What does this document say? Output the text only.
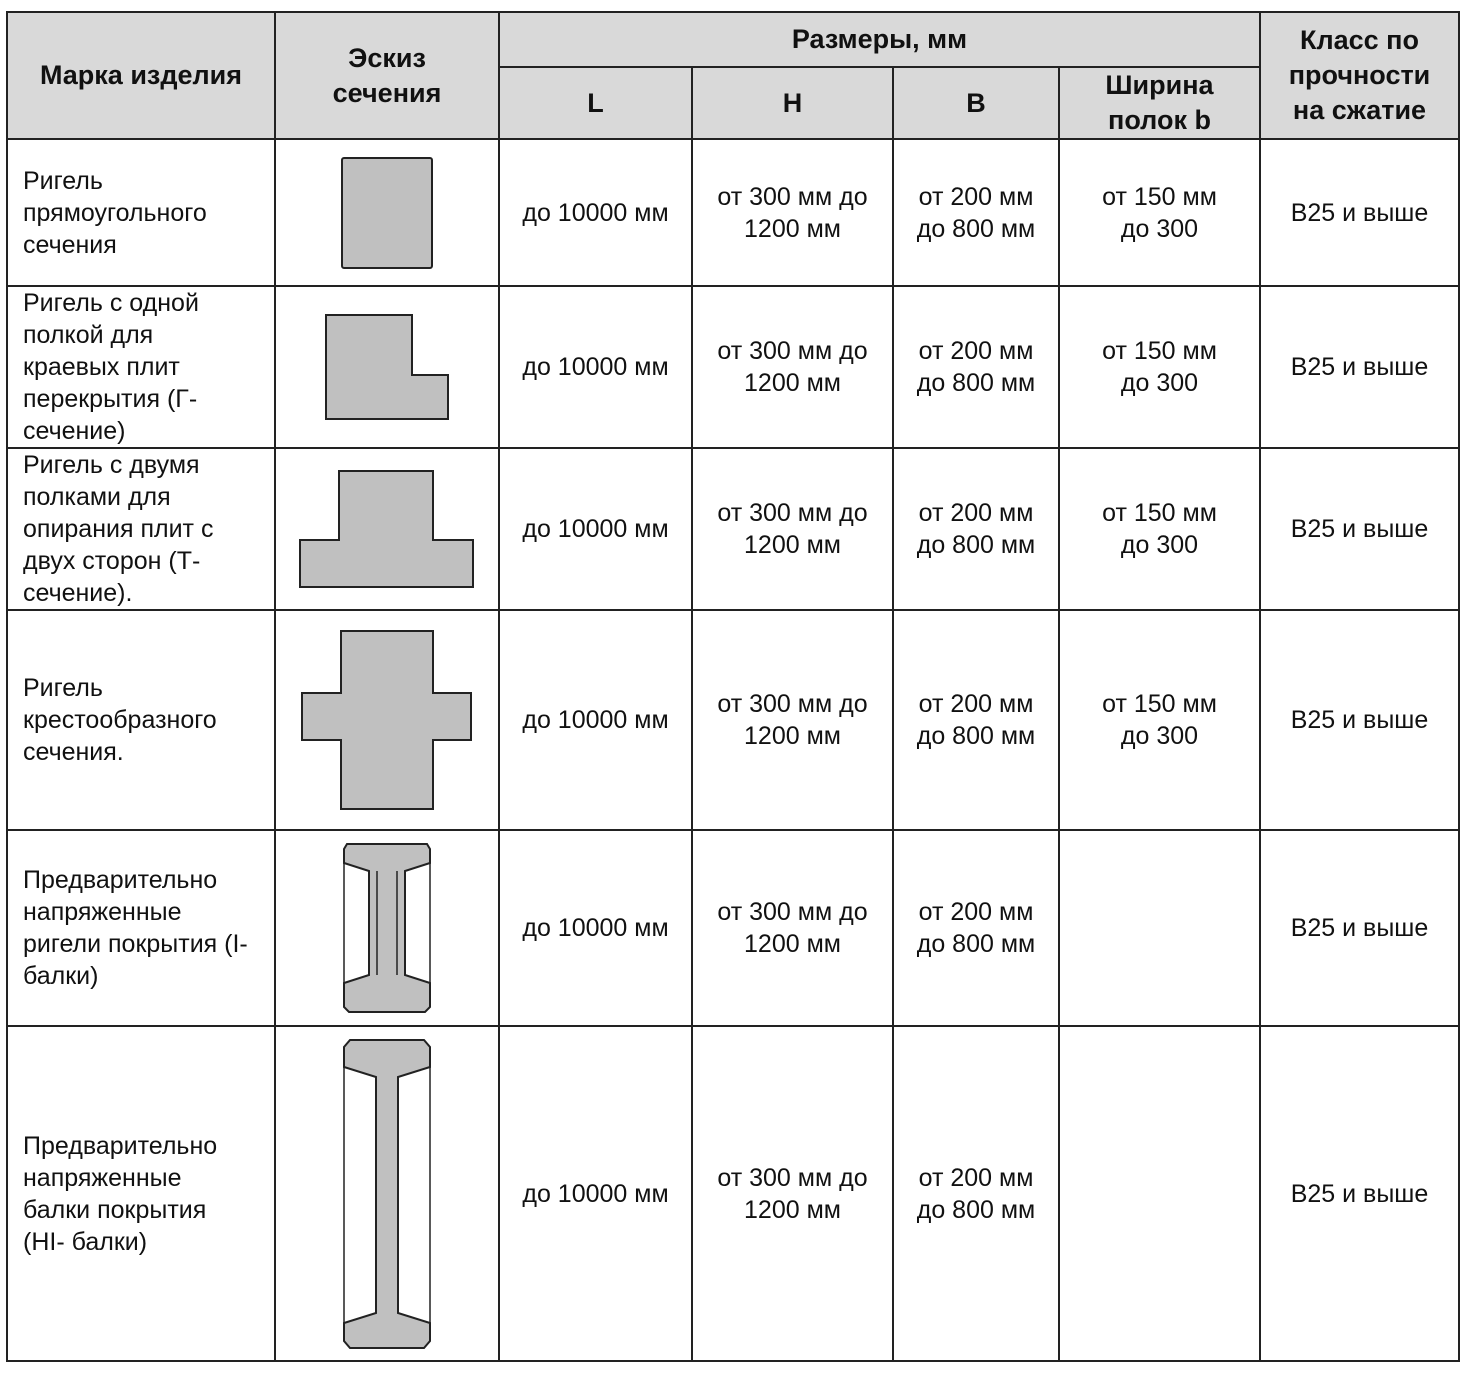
Марка изделия	Эскиз сечения	Размеры, мм				Класс по прочности на сжатие

		L	H	B	Ширина полок b	

Ригель прямоугольного сечения		до 10000 мм	от 300 мм до
1200 мм	от 200 мм
до 800 мм	от 150 мм
до 300	В25 и выше

Ригель с одной полкой для краевых плит перекрытия (Г-сечение)		до 10000 мм	от 300 мм до
1200 мм	от 200 мм
до 800 мм	от 150 мм
до 300	В25 и выше

Ригель с двумя полками для опирания плит с двух сторон (Т-сечение).		до 10000 мм	от 300 мм до
1200 мм	от 200 мм
до 800 мм	от 150 мм
до 300	В25 и выше

Ригель крестообразного сечения.		до 10000 мм	от 300 мм до
1200 мм	от 200 мм
до 800 мм	от 150 мм
до 300	В25 и выше

Предварительно напряженные ригели покрытия (I- балки)		до 10000 мм	от 300 мм до
1200 мм	от 200 мм
до 800 мм		В25 и выше

Предварительно напряженные балки покрытия (HI- балки)		до 10000 мм	от 300 мм до
1200 мм	от 200 мм
до 800 мм		В25 и выше
